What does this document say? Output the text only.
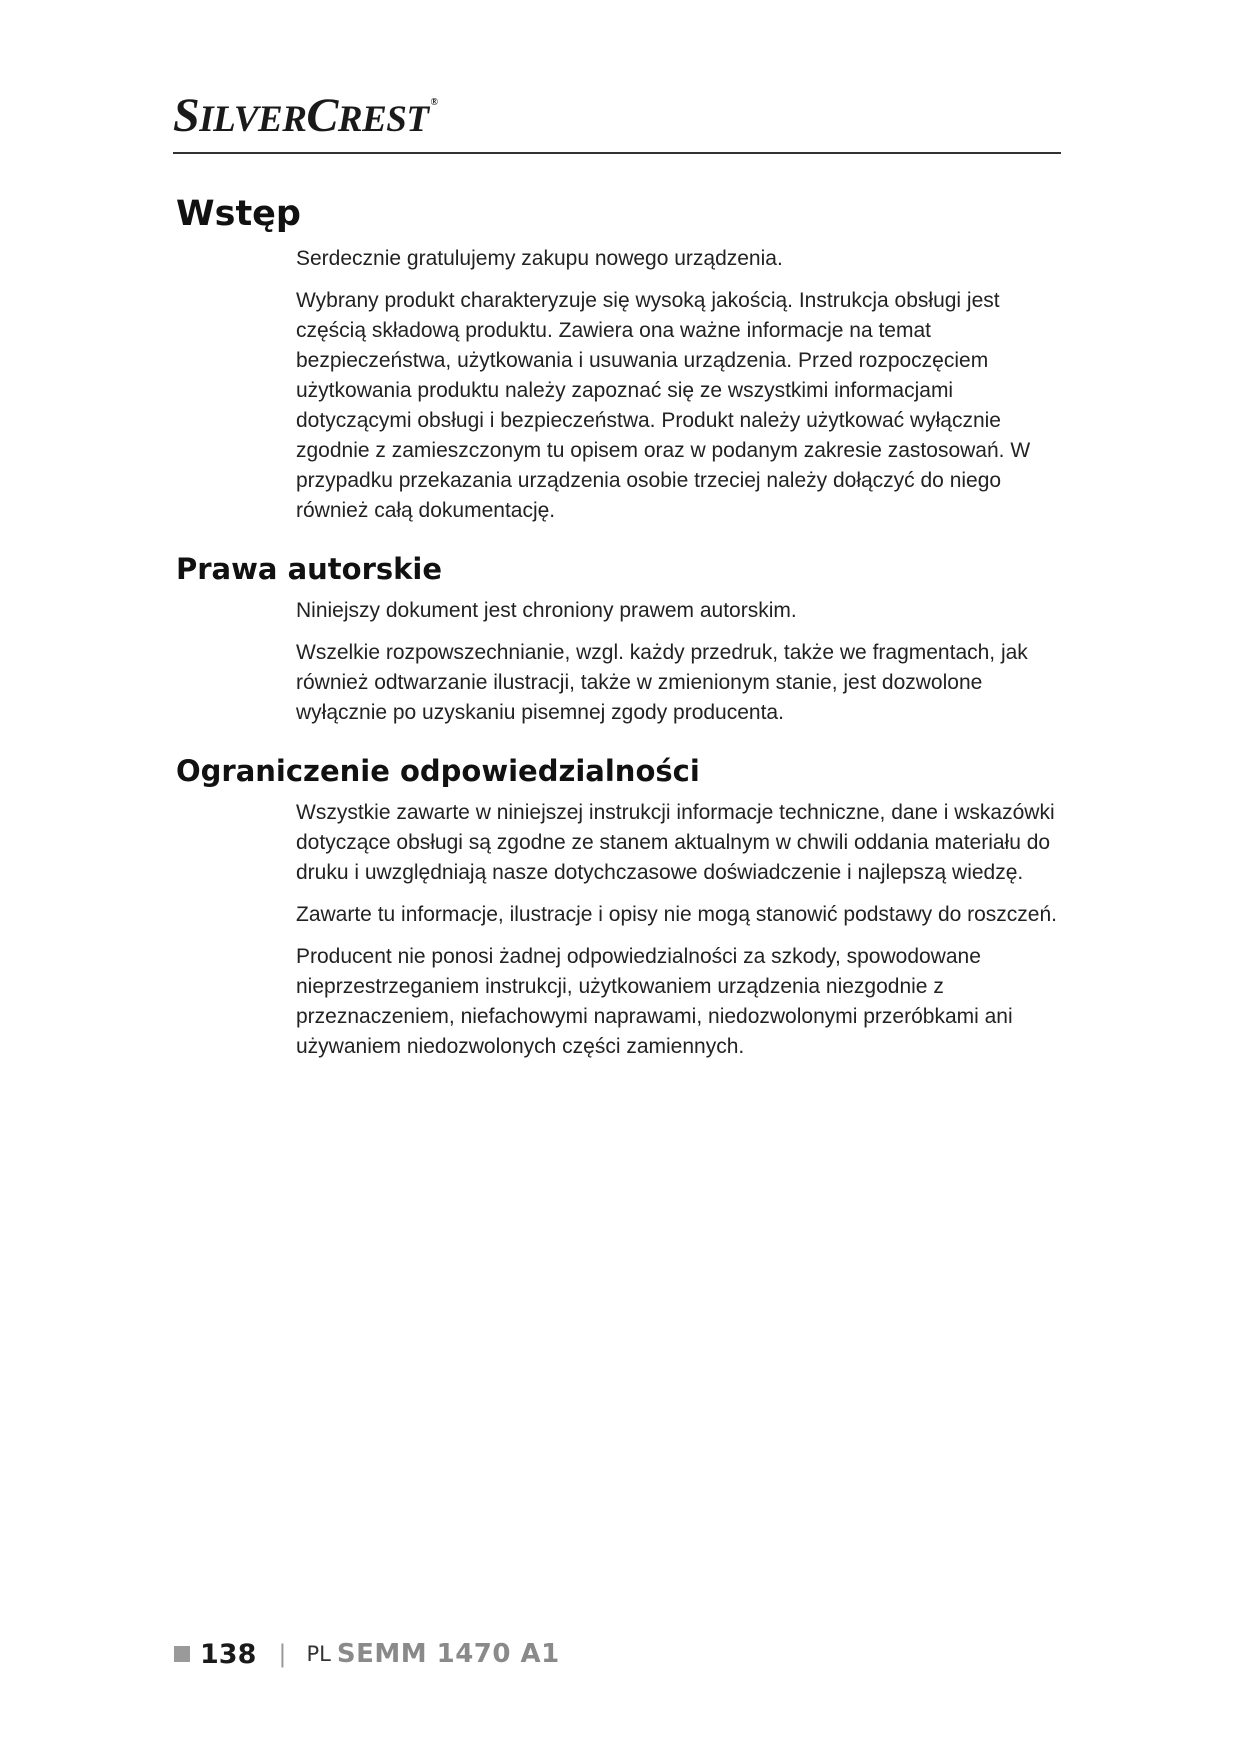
SILVERCREST ®
Wstęp

Serdecznie gratulujemy zakupu nowego urządzenia.

Wybrany produkt charakteryzuje się wysoką jakością. Instrukcja obsługi jest częścią składową produktu. Zawiera ona ważne informacje na temat bezpieczeństwa, użytkowania i usuwania urządzenia. Przed rozpoczęciem użytkowania produktu należy zapoznać się ze wszystkimi informacjami dotyczącymi obsługi i bezpieczeństwa. Produkt należy użytkować wyłącznie zgodnie z zamieszczonym tu opisem oraz w podanym zakresie zastosowań. W przypadku przekazania urządzenia osobie trzeciej należy dołączyć do niego również całą dokumentację.

Prawa autorskie

Niniejszy dokument jest chroniony prawem autorskim.

Wszelkie rozpowszechnianie, wzgl. każdy przedruk, także we fragmentach, jak również odtwarzanie ilustracji, także w zmienionym stanie, jest dozwolone wyłącznie po uzyskaniu pisemnej zgody producenta.

Ograniczenie odpowiedzialności

Wszystkie zawarte w niniejszej instrukcji informacje techniczne, dane i wskazówki dotyczące obsługi są zgodne ze stanem aktualnym w chwili oddania materiału do druku i uwzględniają nasze dotychczasowe doświadczenie i najlepszą wiedzę.

Zawarte tu informacje, ilustracje i opisy nie mogą stanowić podstawy do roszczeń.

Producent nie ponosi żadnej odpowiedzialności za szkody, spowodowane nieprzestrzeganiem instrukcji, użytkowaniem urządzenia niezgodnie z przeznaczeniem, niefachowymi naprawami, niedozwolonymi przeróbkami ani używaniem niedozwolonych części zamiennych.

138 | PL SEMM 1470 A1
